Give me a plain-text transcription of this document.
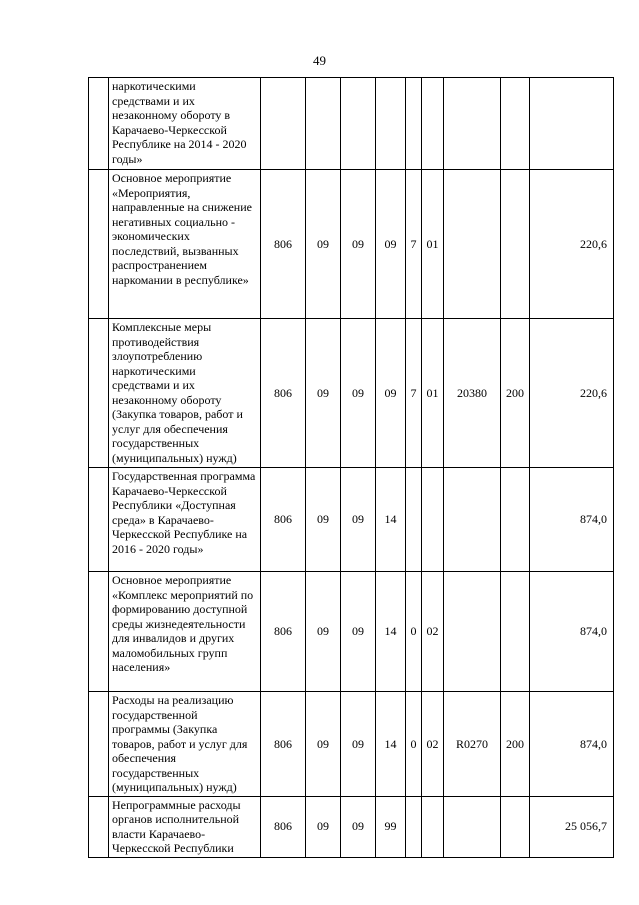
49
	наркотическими средствами и их незаконному обороту в Карачаево-Черкесской Республике на 2014 - 2020 годы»									
	Основное мероприятие «Мероприятия, направленные на снижение негативных социально - экономических последствий, вызванных распространением наркомании в республике»	806	09	09	09	7	01			220,6
	Комплексные меры противодействия злоупотреблению наркотическими средствами и их незаконному обороту (Закупка товаров, работ и услуг для обеспечения государственных (муниципальных) нужд)	806	09	09	09	7	01	20380	200	220,6
	Государственная программа Карачаево-Черкесской Республики «Доступная среда» в Карачаево-Черкесской Республике на 2016 - 2020 годы»	806	09	09	14					874,0
	Основное мероприятие «Комплекс мероприятий по формированию доступной среды жизнедеятельности для инвалидов и других маломобильных групп населения»	806	09	09	14	0	02			874,0
	Расходы на реализацию государственной программы (Закупка товаров, работ и услуг для обеспечения государственных (муниципальных) нужд)	806	09	09	14	0	02	R0270	200	874,0
	Непрограммные расходы органов исполнительной власти Карачаево-Черкесской Республики	806	09	09	99					25 056,7
